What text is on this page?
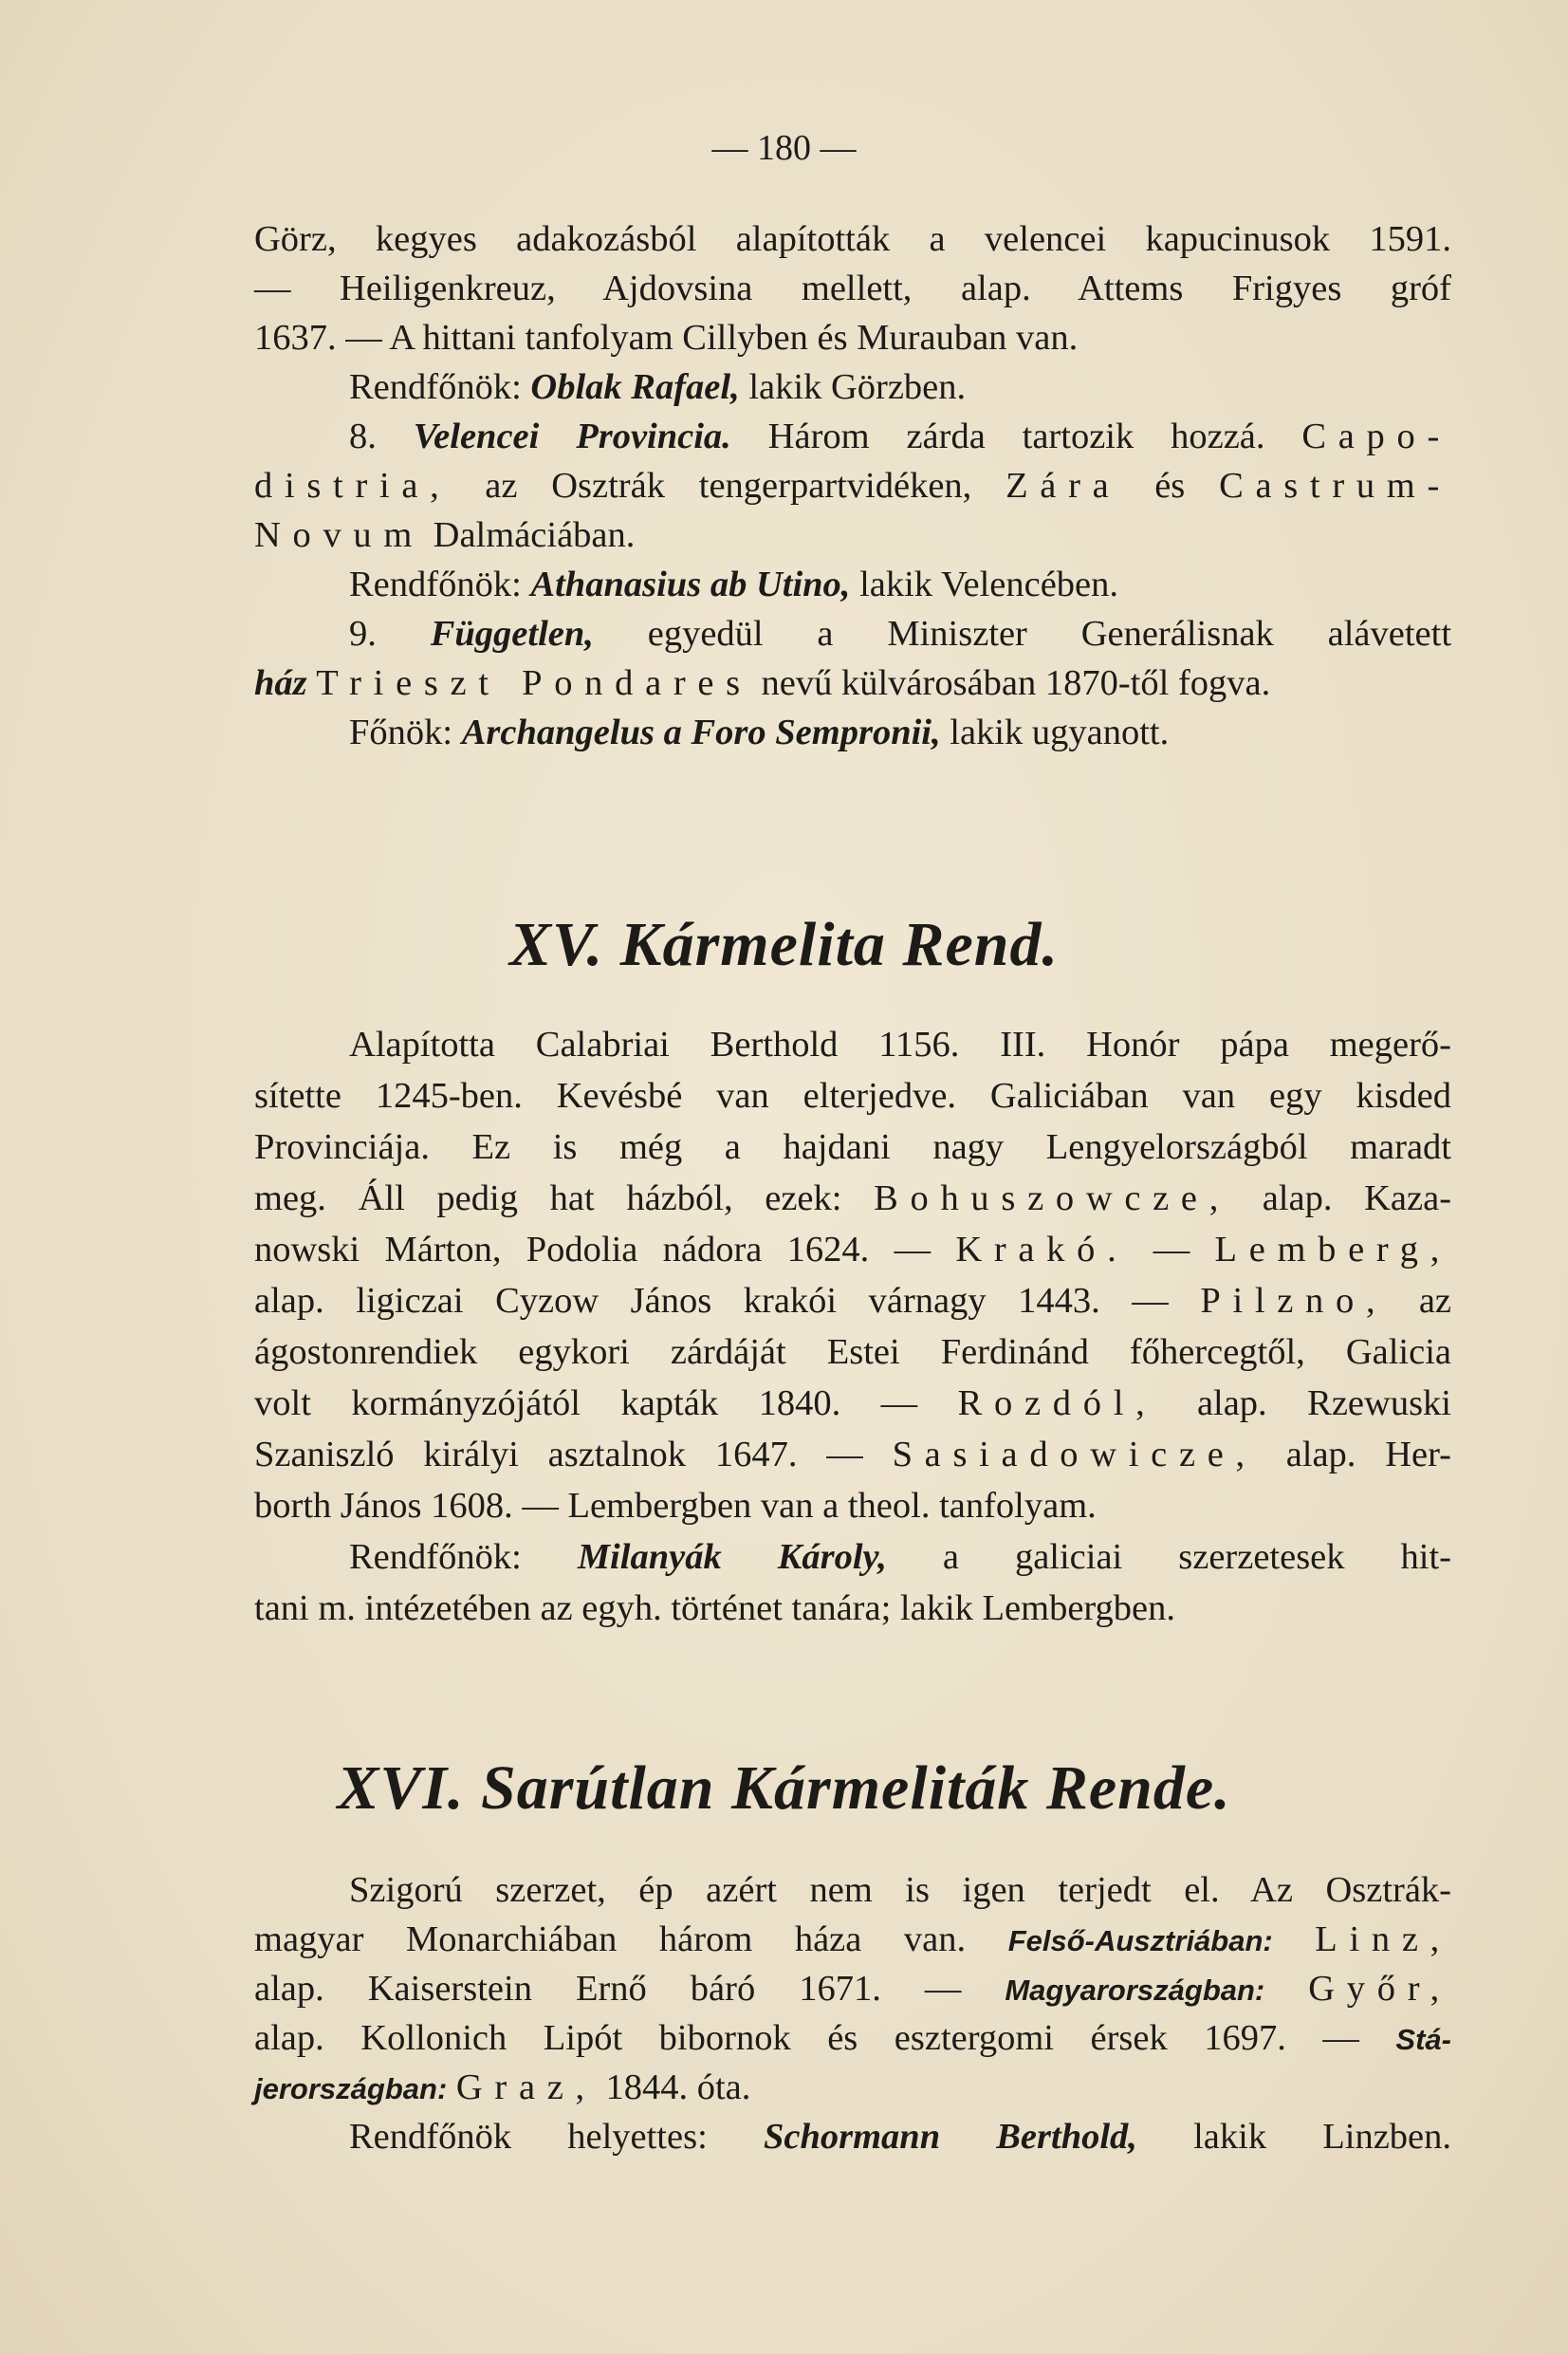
— 180 —
Görz, kegyes adakozásból alapították a velencei kapucinusok 1591.
— Heiligenkreuz, Ajdovsina mellett, alap. Attems Frigyes gróf
1637. — A hittani tanfolyam Cillyben és Murauban van.
Rendfőnök: Oblak Rafael, lakik Görzben.
8. Velencei Provincia. Három zárda tartozik hozzá. Capo-
distria, az Osztrák tengerpartvidéken, Zára és Castrum-
Novum Dalmáciában.
Rendfőnök: Athanasius ab Utino, lakik Velencében.
9. Független, egyedül a Miniszter Generálisnak alávetett
ház Trieszt Pondares nevű külvárosában 1870-től fogva.
Főnök: Archangelus a Foro Sempronii, lakik ugyanott.
XV. Kármelita Rend.
Alapította Calabriai Berthold 1156. III. Honór pápa megerő-
sítette 1245-ben. Kevésbé van elterjedve. Galiciában van egy kisded
Provinciája. Ez is még a hajdani nagy Lengyelországból maradt
meg. Áll pedig hat házból, ezek: Bohuszowcze, alap. Kaza-
nowski Márton, Podolia nádora 1624. — Krakó. — Lemberg,
alap. ligiczai Cyzow János krakói várnagy 1443. — Pilzno, az
ágostonrendiek egykori zárdáját Estei Ferdinánd főhercegtől, Galicia
volt kormányzójától kapták 1840. — Rozdól, alap. Rzewuski
Szaniszló királyi asztalnok 1647. — Sasiadowicze, alap. Her-
borth János 1608. — Lembergben van a theol. tanfolyam.
Rendfőnök: Milanyák Károly, a galiciai szerzetesek hit-
tani m. intézetében az egyh. történet tanára; lakik Lembergben.
XVI. Sarútlan Kármeliták Rende.
Szigorú szerzet, ép azért nem is igen terjedt el. Az Osztrák-
magyar Monarchiában három háza van. Felső-Ausztriában: Linz,
alap. Kaiserstein Ernő báró 1671. — Magyarországban: Győr,
alap. Kollonich Lipót bibornok és esztergomi érsek 1697. — Stá-
jerországban: Graz, 1844. óta.
Rendfőnök helyettes: Schormann Berthold, lakik Linzben.
